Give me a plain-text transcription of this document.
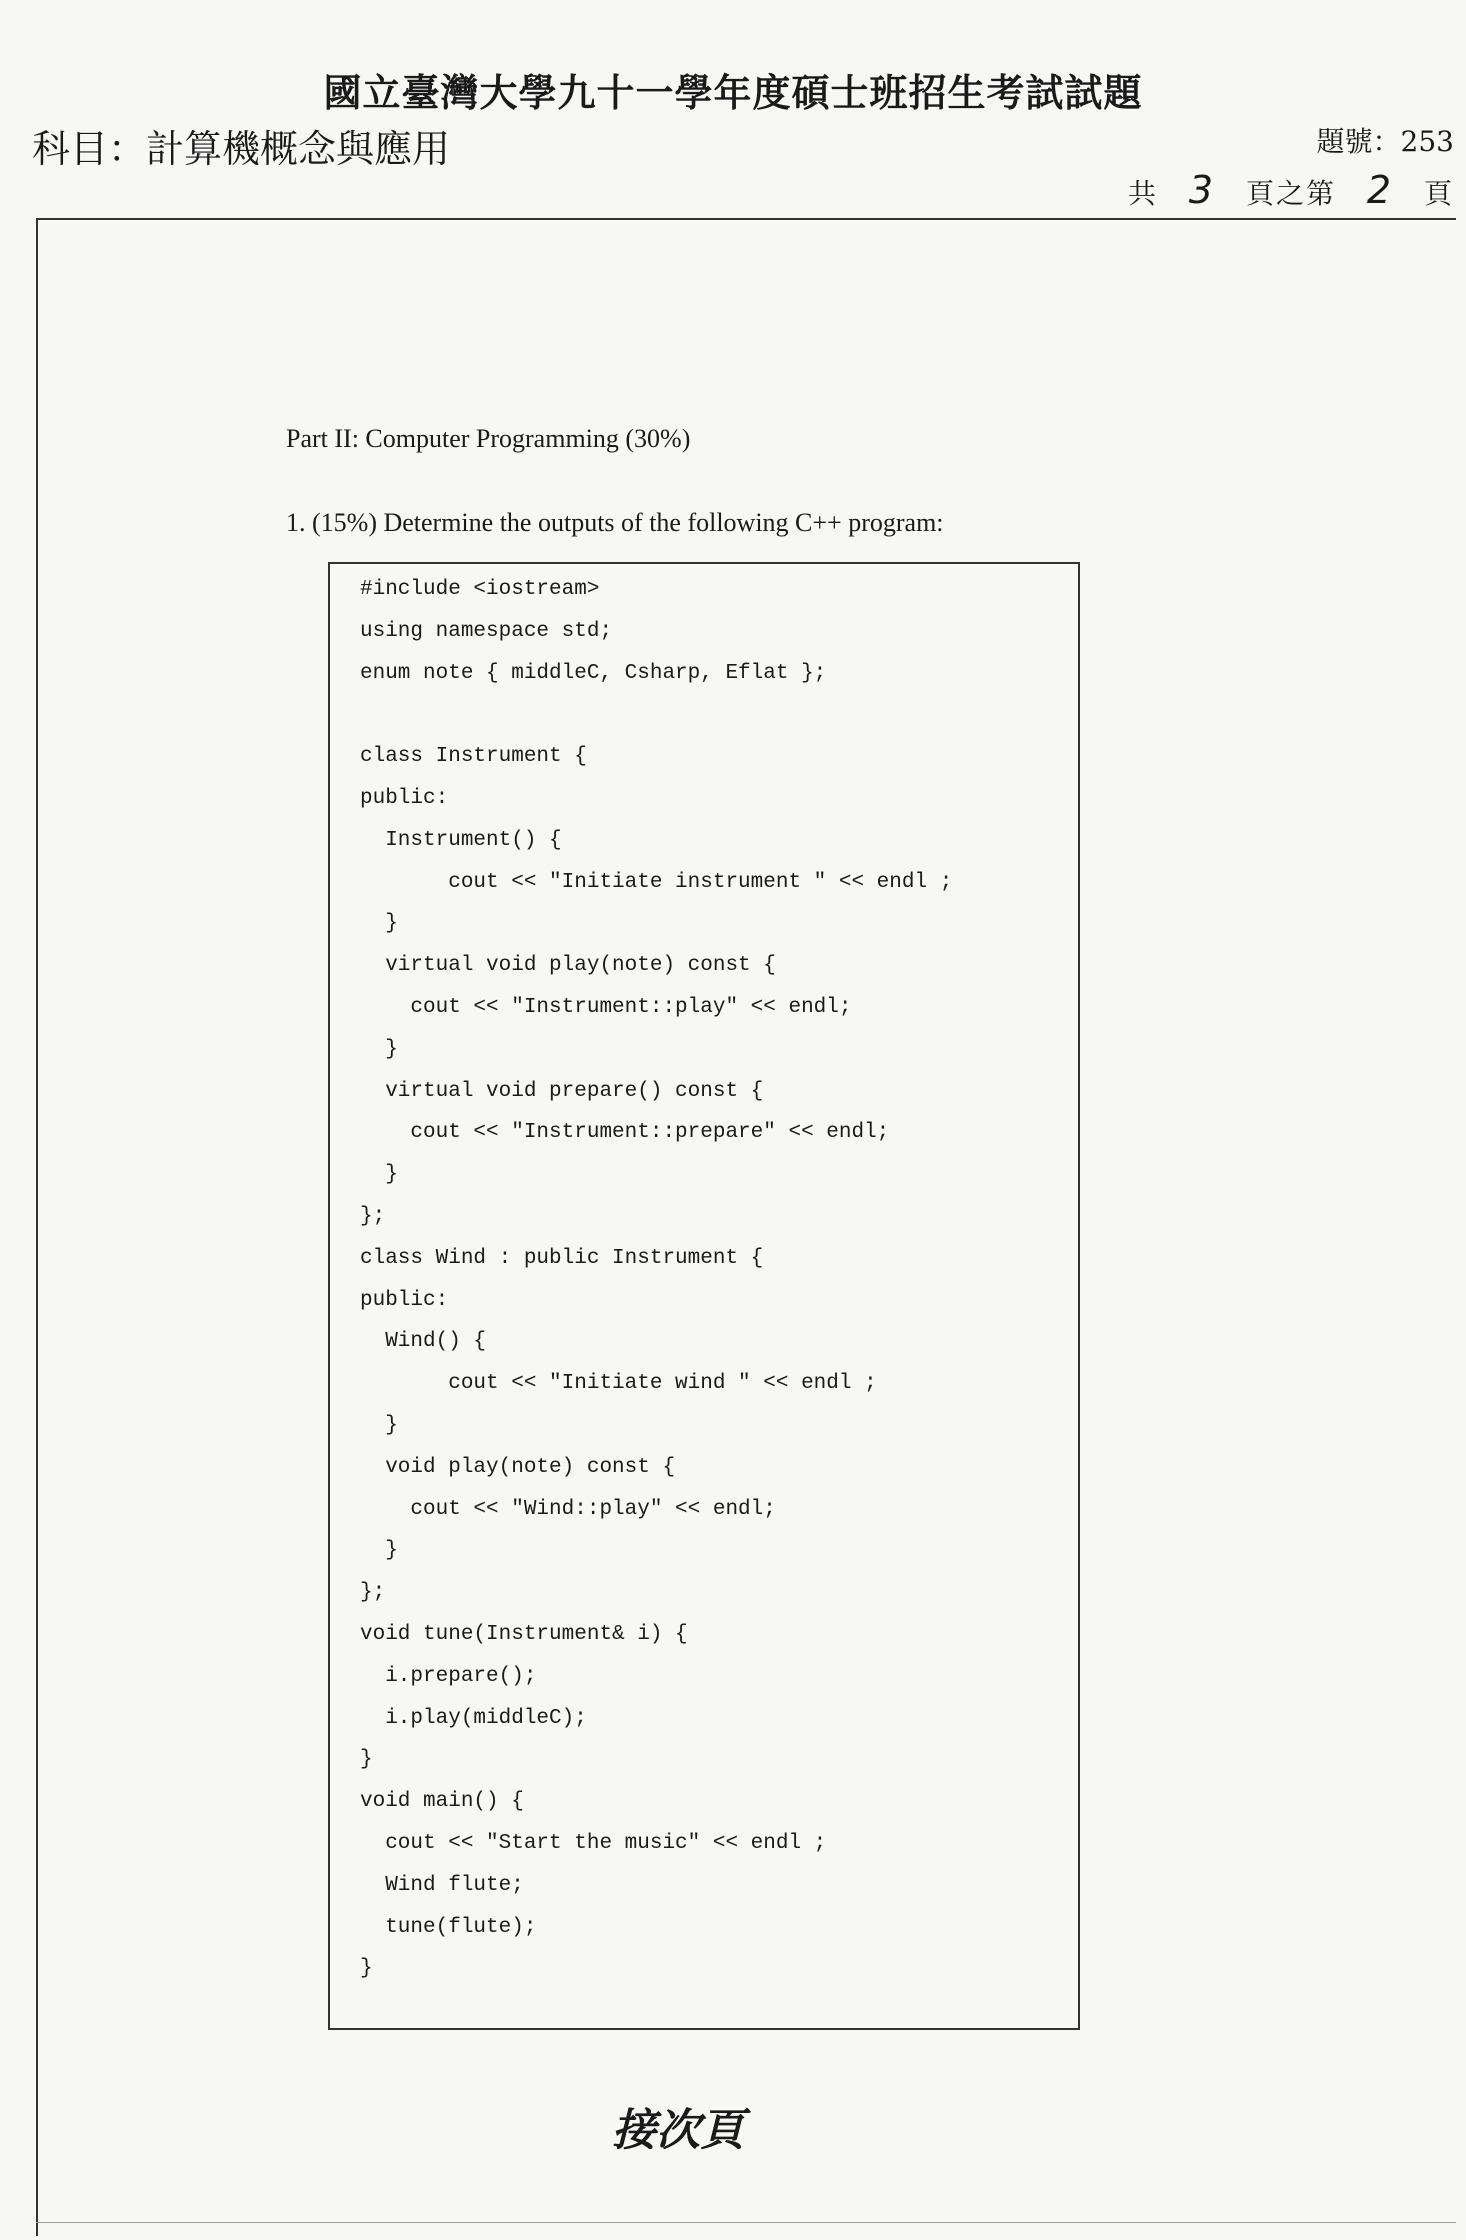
國立臺灣大學九十一學年度碩士班招生考試試題
科目：計算機概念與應用	題號：253
共 3 頁之第 2 頁
Part II: Computer Programming (30%)
1. (15%) Determine the outputs of the following C++ program:
#include <iostream>
using namespace std;
enum note { middleC, Csharp, Eflat };
class Instrument {
public:
Instrument() {
cout << "Initiate instrument " << endl ;
}
virtual void play(note) const {
cout << "Instrument::play" << endl;
}
virtual void prepare() const {
cout << "Instrument::prepare" << endl;
}
};
class Wind : public Instrument {
public:
Wind() {
cout << "Initiate wind " << endl ;
}
void play(note) const {
cout << "Wind::play" << endl;
}
};
void tune(Instrument& i) {
i.prepare();
i.play(middleC);
}
void main() {
cout << "Start the music" << endl ;
Wind flute;
tune(flute);
}
接次頁
